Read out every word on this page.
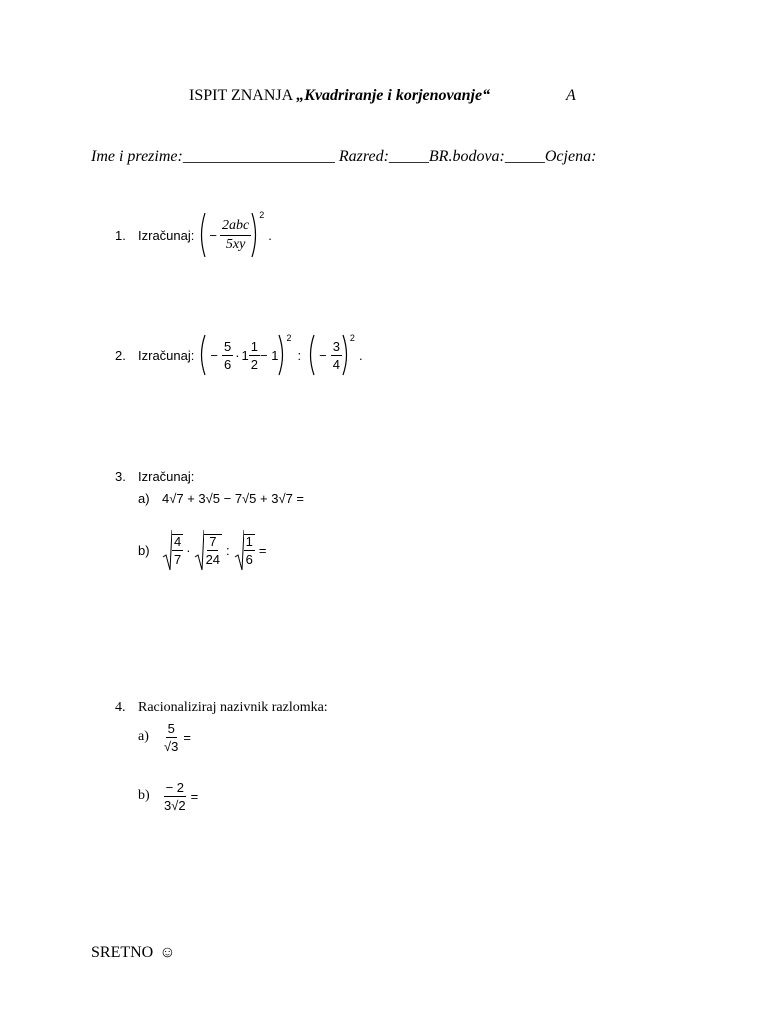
ISPIT ZNANJA „Kvadriranje i korjenovanje“	A
Ime i prezime:___________________ Razred:_____BR.bodova:_____Ocjena:
1. Izračunaj: − $\frac{\text{2abc}}{5xy}$
2
.
2. Izračunaj: − $\frac{5}{6} \cdot 1 \frac{1}{2} - 1$
2
: − $\frac{3}{4}$
2
.
3. Izračunaj:
a) 4√7 + 3√5 − 7√5 + 3√7 =
b)	$\frac{4}{7} \cdot \frac{7}{24}$ : $\frac{1}{6}$ =
4. Racionaliziraj nazivnik razlomka:
a)	$\frac{5}{√3}$ =
$b) \frac{- 2}{3√2}$ =
SRETNO ☺
